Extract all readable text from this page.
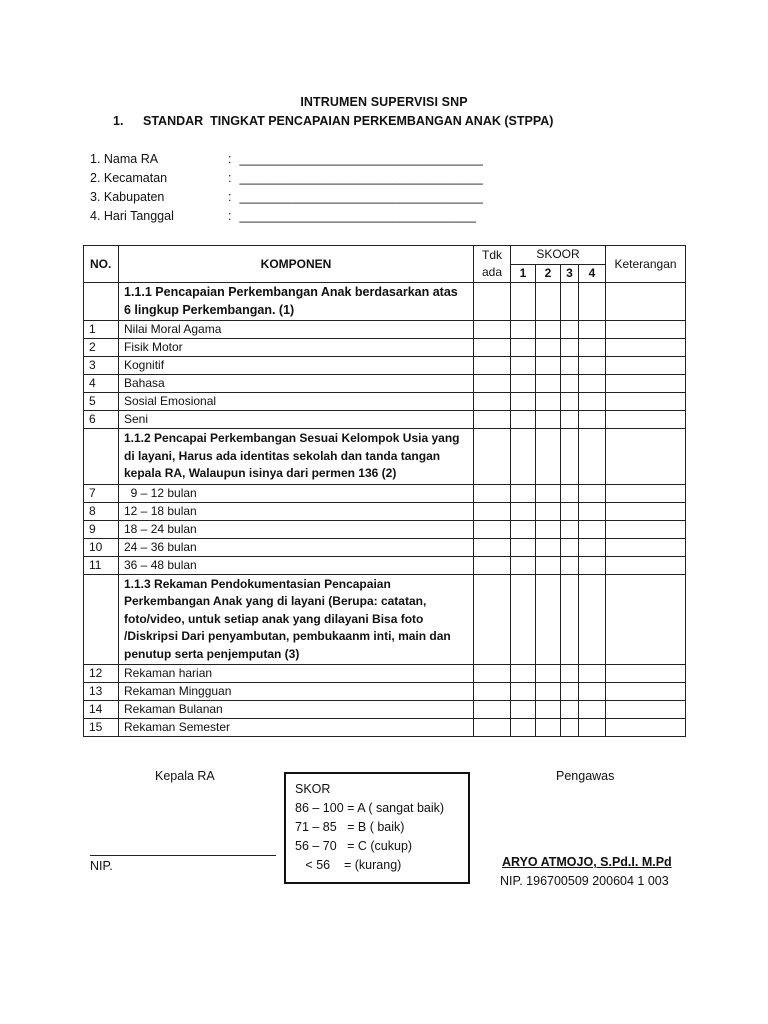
INTRUMEN SUPERVISI SNP
1. STANDAR  TINGKAT PENCAPAIAN PERKEMBANGAN ANAK (STPPA)
1. Nama RA	: ___________________________________
2. Kecamatan	: ___________________________________
3. Kabupaten	: ___________________________________
4. Hari Tanggal	: __________________________________
NO.	KOMPONEN	Tdk ada	SKOOR				Keterangan
			1	2	3	4	
	1.1.1 Pencapaian Perkembangan Anak berdasarkan atas 6 lingkup Perkembangan. (1)						
1	Nilai Moral Agama						
2	Fisik Motor						
3	Kognitif						
4	Bahasa						
5	Sosial Emosional						
6	Seni						
	1.1.2 Pencapai Perkembangan Sesuai Kelompok Usia yang di layani, Harus ada identitas sekolah dan tanda tangan kepala RA, Walaupun isinya dari permen 136 (2)						
7	9 – 12 bulan						
8	12 – 18 bulan						
9	18 – 24 bulan						
10	24 – 36 bulan						
11	36 – 48 bulan						
	1.1.3 Rekaman Pendokumentasian Pencapaian Perkembangan Anak yang di layani (Berupa: catatan, foto/video, untuk setiap anak yang dilayani Bisa foto /Diskripsi Dari penyambutan, pembukaanm inti, main dan penutup serta penjemputan (3)						
12	Rekaman harian						
13	Rekaman Mingguan						
14	Rekaman Bulanan						
15	Rekaman Semester						
Kepala RA
NIP.
SKOR
86 – 100 = A ( sangat baik)
71 – 85   = B ( baik)
56 – 70   = C (cukup)
< 56    = (kurang)
Pengawas
ARYO ATMOJO, S.Pd.I. M.Pd
NIP. 196700509 200604 1 003
